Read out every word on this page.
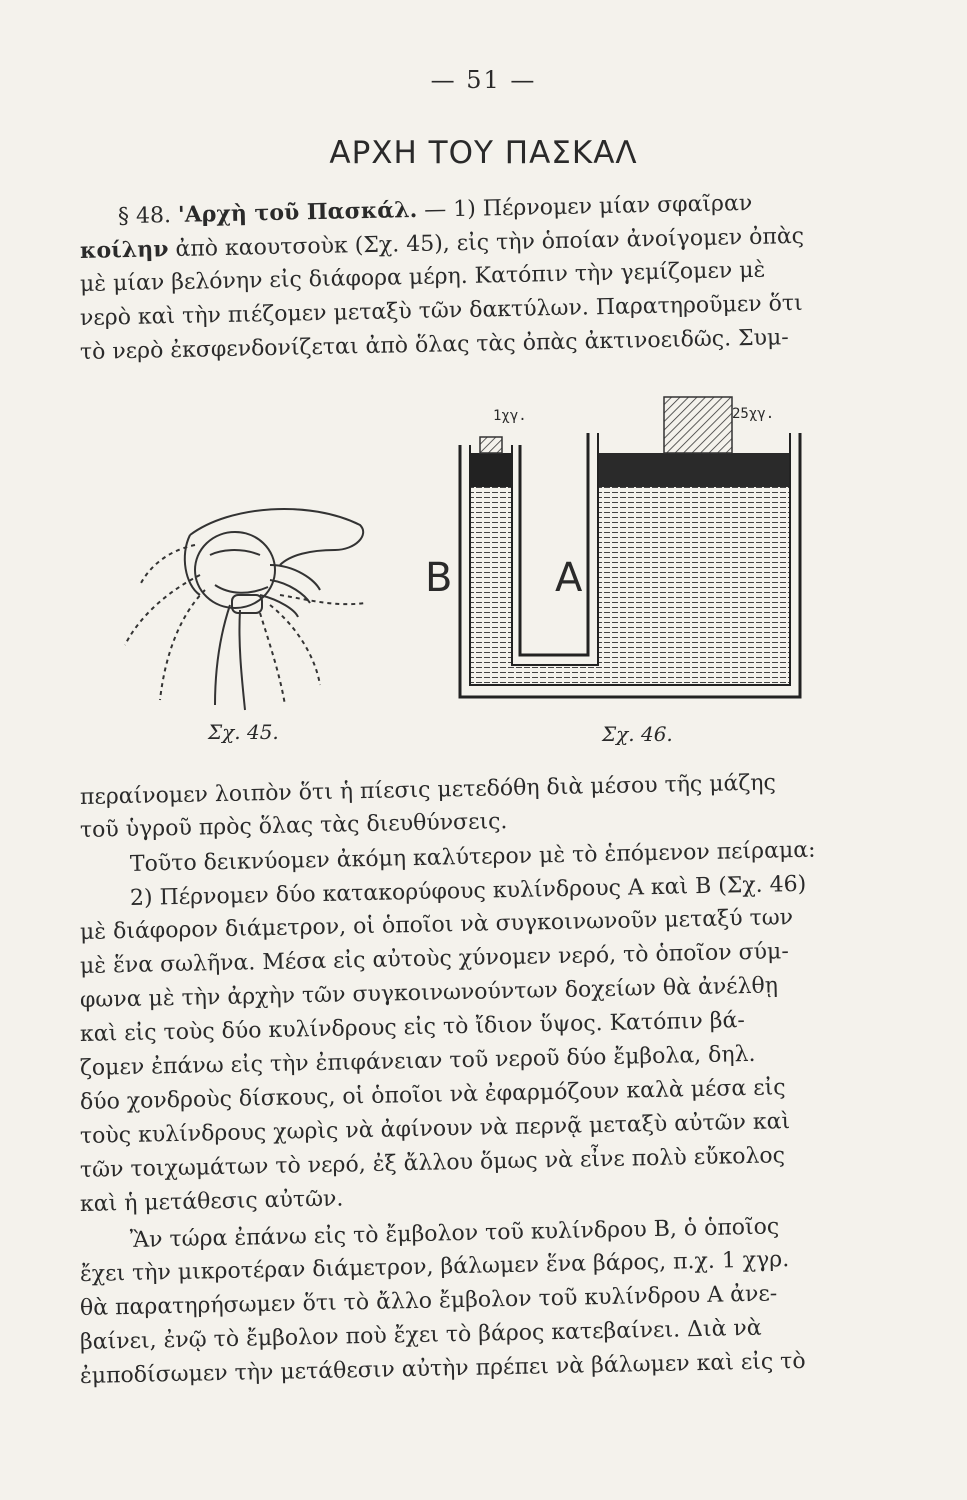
— 51 —
ΑΡΧΗ ΤΟΥ ΠΑΣΚΑΛ
§ 48. 'Αρχὴ τοῦ Πασκάλ. — 1) Πέρνομεν μίαν σφαῖραν
κοίλην ἀπὸ καουτσοὺκ (Σχ. 45), εἰς τὴν ὁποίαν ἀνοίγομεν ὀπὰς
μὲ μίαν βελόνην εἰς διάφορα μέρη. Κατόπιν τὴν γεμίζομεν μὲ
νερὸ καὶ τὴν πιέζομεν μεταξὺ τῶν δακτύλων. Παρατηροῦμεν ὅτι
τὸ νερὸ ἐκσφενδονίζεται ἀπὸ ὅλας τὰς ὀπὰς ἀκτινοειδῶς. Συμ-
Σχ. 45.
1χγ.	25χγ.
B	A
Σχ. 46.
περαίνομεν λοιπὸν ὅτι ἡ πίεσις μετεδόθη διὰ μέσου τῆς μάζης
τοῦ ὑγροῦ πρὸς ὅλας τὰς διευθύνσεις.
Τοῦτο δεικνύομεν ἀκόμη καλύτερον μὲ τὸ ἑπόμενον πείραμα:
2) Πέρνομεν δύο κατακορύφους κυλίνδρους Α καὶ Β (Σχ. 46)
μὲ διάφορον διάμετρον, οἱ ὁποῖοι νὰ συγκοινωνοῦν μεταξύ των
μὲ ἕνα σωλῆνα. Μέσα εἰς αὐτοὺς χύνομεν νερό, τὸ ὁποῖον σύμ-
φωνα μὲ τὴν ἀρχὴν τῶν συγκοινωνούντων δοχείων θὰ ἀνέλθῃ
καὶ εἰς τοὺς δύο κυλίνδρους εἰς τὸ ἴδιον ὕψος. Κατόπιν βά-
ζομεν ἐπάνω εἰς τὴν ἐπιφάνειαν τοῦ νεροῦ δύο ἔμβολα, δηλ.
δύο χονδροὺς δίσκους, οἱ ὁποῖοι νὰ ἐφαρμόζουν καλὰ μέσα εἰς
τοὺς κυλίνδρους χωρὶς νὰ ἀφίνουν νὰ περνᾷ μεταξὺ αὐτῶν καὶ
τῶν τοιχωμάτων τὸ νερό, ἐξ ἄλλου ὅμως νὰ εἶνε πολὺ εὔκολος
καὶ ἡ μετάθεσις αὐτῶν.
Ἂν τώρα ἐπάνω εἰς τὸ ἔμβολον τοῦ κυλίνδρου Β, ὁ ὁποῖος
ἔχει τὴν μικροτέραν διάμετρον, βάλωμεν ἕνα βάρος, π.χ. 1 χγρ.
θὰ παρατηρήσωμεν ὅτι τὸ ἄλλο ἔμβολον τοῦ κυλίνδρου Α ἀνε-
βαίνει, ἐνῷ τὸ ἔμβολον ποὺ ἔχει τὸ βάρος κατεβαίνει. Διὰ νὰ
ἐμποδίσωμεν τὴν μετάθεσιν αὐτὴν πρέπει νὰ βάλωμεν καὶ εἰς τὸ
